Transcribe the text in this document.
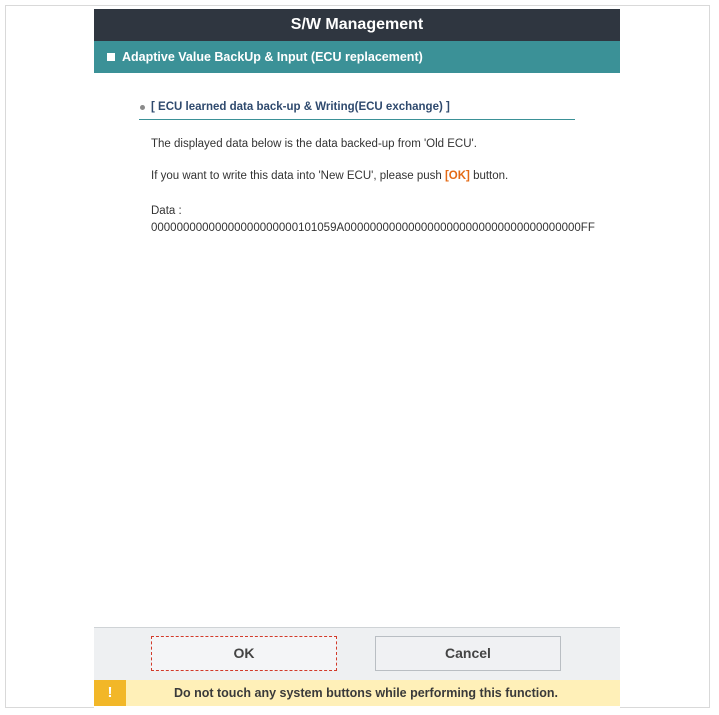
S/W Management
Adaptive Value BackUp & Input (ECU replacement)
[ ECU learned data back-up & Writing(ECU exchange) ]
The displayed data below is the data backed-up from 'Old ECU'.
If you want to write this data into 'New ECU', please push [OK] button.
Data :
00000000000000000000000101059A0000000000000000000000000000000000000FF
OK	Cancel
!	Do not touch any system buttons while performing this function.
